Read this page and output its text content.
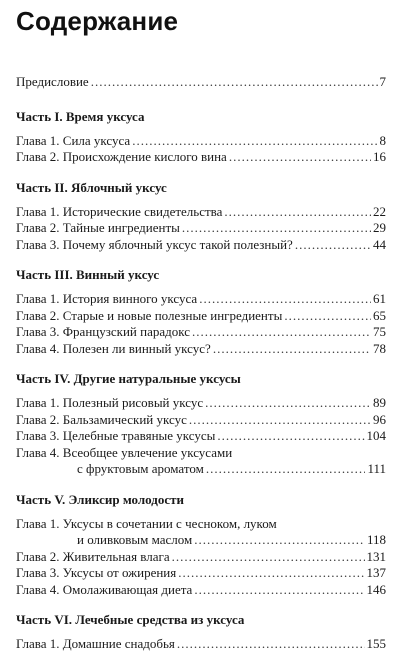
Содержание
Предисловие .....	7
Часть I. Время уксуса
Глава 1. Сила уксуса .....	8
Глава 2. Происхождение кислого вина .....	16
Часть II. Яблочный уксус
Глава 1. Исторические свидетельства .....	22
Глава 2. Тайные ингредиенты .....	29
Глава 3. Почему яблочный уксус такой полезный? .....	44
Часть III. Винный уксус
Глава 1. История винного уксуса .....	61
Глава 2. Старые и новые полезные ингредиенты .....	65
Глава 3. Французский парадокс .....	75
Глава 4. Полезен ли винный уксус? .....	78
Часть IV. Другие натуральные уксусы
Глава 1. Полезный рисовый уксус .....	89
Глава 2. Бальзамический уксус .....	96
Глава 3. Целебные травяные уксусы .....	104
Глава 4. Всеобщее увлечение уксусами
с фруктовым ароматом .....	111
Часть V. Эликсир молодости
Глава 1. Уксусы в сочетании с чесноком, луком
и оливковым маслом .....	118
Глава 2. Живительная влага .....	131
Глава 3. Уксусы от ожирения .....	137
Глава 4. Омолаживающая диета .....	146
Часть VI. Лечебные средства из уксуса
Глава 1. Домашние снадобья .....	155
